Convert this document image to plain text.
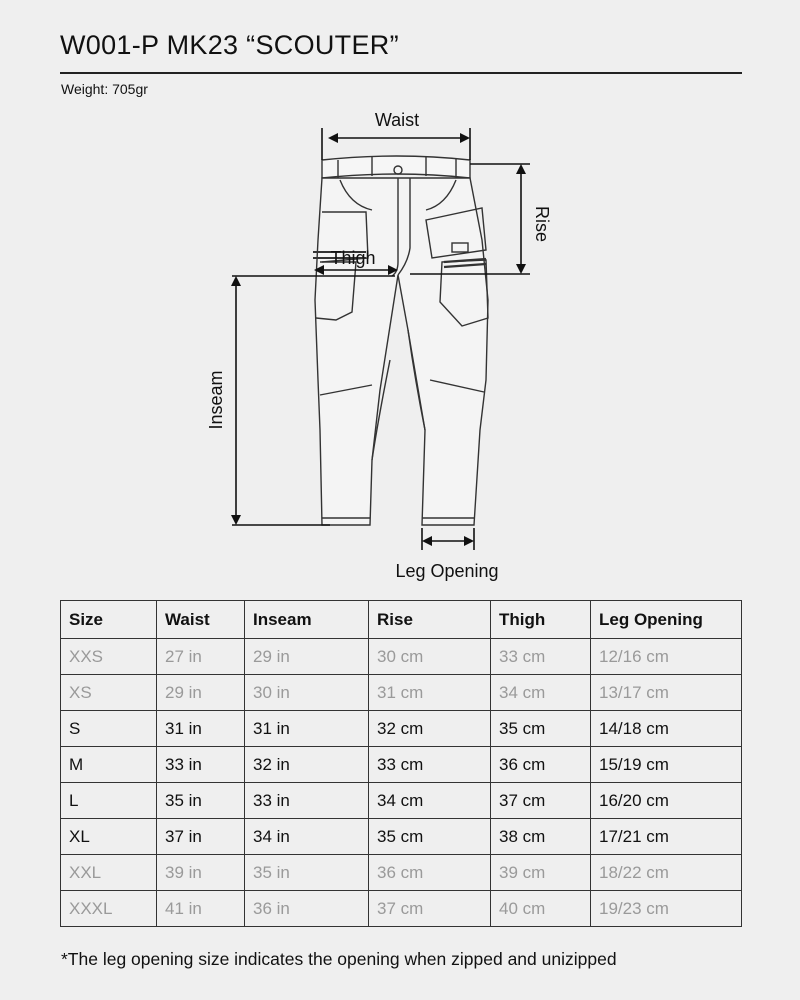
W001-P MK23 “SCOUTER”
Weight: 705gr
Waist
Rise
Thigh
Inseam
Leg Opening
Size	Waist	Inseam	Rise	Thigh	Leg Opening
XXS	27 in	29 in	30 cm	33 cm	12/16 cm
XS	29 in	30 in	31 cm	34 cm	13/17 cm
S	31 in	31 in	32 cm	35 cm	14/18 cm
M	33 in	32 in	33 cm	36 cm	15/19 cm
L	35 in	33 in	34 cm	37 cm	16/20 cm
XL	37 in	34 in	35 cm	38 cm	17/21 cm
XXL	39 in	35 in	36 cm	39 cm	18/22 cm
XXXL	41 in	36 in	37 cm	40 cm	19/23 cm
*The leg opening size indicates the opening when zipped and unizipped
